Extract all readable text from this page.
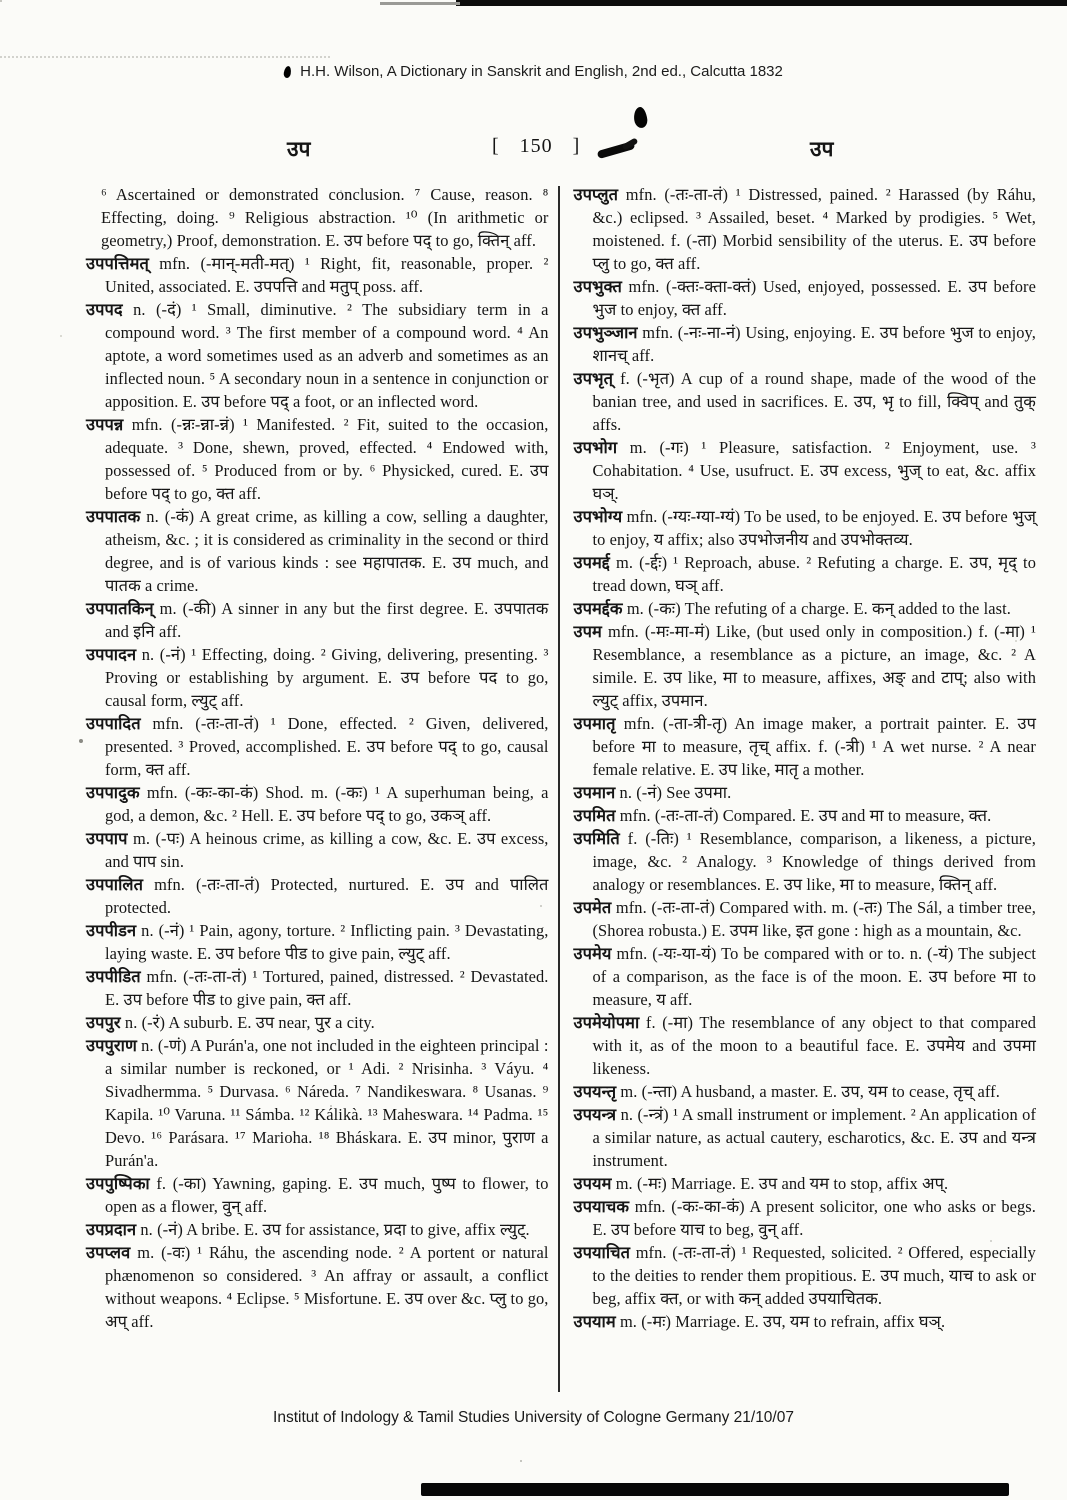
H.H. Wilson, A Dictionary in Sanskrit and English, 2nd ed., Calcutta 1832
उप	[ 150 ]	उप

⁶ Ascertained or demonstrated conclusion. ⁷ Cause, reason. ⁸ Effecting, doing. ⁹ Religious abstraction. ¹⁰ (In arithmetic or geometry,) Proof, demonstration. E. उप before पद् to go, क्तिन् aff.

उपपत्तिमत् mfn. (-मान्-मती-मत्) ¹ Right, fit, reasonable, proper. ² United, associated. E. उपपत्ति and मतुप् poss. aff.

उपपद n. (-दं) ¹ Small, diminutive. ² The subsidiary term in a compound word. ³ The first member of a compound word. ⁴ An aptote, a word sometimes used as an adverb and sometimes as an inflected noun. ⁵ A secondary noun in a sentence in conjunction or apposition. E. उप before पद् a foot, or an inflected word.

उपपन्न mfn. (-न्नः-न्ना-न्नं) ¹ Manifested. ² Fit, suited to the occasion, adequate. ³ Done, shewn, proved, effected. ⁴ Endowed with, possessed of. ⁵ Produced from or by. ⁶ Physicked, cured. E. उप before पद् to go, क्त aff.

उपपातक n. (-कं) A great crime, as killing a cow, selling a daughter, atheism, &c. ; it is considered as criminality in the second or third degree, and is of various kinds : see महापातक. E. उप much, and पातक a crime.

उपपातकिन् m. (-की) A sinner in any but the first degree. E. उपपातक and इनि aff.

उपपादन n. (-नं) ¹ Effecting, doing. ² Giving, delivering, presenting. ³ Proving or establishing by argument. E. उप before पद to go, causal form, ल्युट् aff.

उपपादित mfn. (-तः-ता-तं) ¹ Done, effected. ² Given, delivered, presented. ³ Proved, accomplished. E. उप before पद् to go, causal form, क्त aff.

उपपादुक mfn. (-कः-का-कं) Shod. m. (-कः) ¹ A superhuman being, a god, a demon, &c. ² Hell. E. उप before पद् to go, उकञ् aff.

उपपाप m. (-पः) A heinous crime, as killing a cow, &c. E. उप excess, and पाप sin.

उपपालित mfn. (-तः-ता-तं) Protected, nurtured. E. उप and पालित protected.

उपपीडन n. (-नं) ¹ Pain, agony, torture. ² Inflicting pain. ³ Devastating, laying waste. E. उप before पीड to give pain, ल्युट् aff.

उपपीडित mfn. (-तः-ता-तं) ¹ Tortured, pained, distressed. ² Devastated. E. उप before पीड to give pain, क्त aff.

उपपुर n. (-रं) A suburb. E. उप near, पुर a city.

उपपुराण n. (-णं) A Purán'a, one not included in the eighteen principal : a similar number is reckoned, or ¹ Adi. ² Nrisinha. ³ Váyu. ⁴ Sivadhermma. ⁵ Durvasa. ⁶ Náreda. ⁷ Nandikeswara. ⁸ Usanas. ⁹ Kapila. ¹⁰ Varuna. ¹¹ Sámba. ¹² Kálikà. ¹³ Maheswara. ¹⁴ Padma. ¹⁵ Devo. ¹⁶ Parásara. ¹⁷ Marioha. ¹⁸ Bháskara. E. उप minor, पुराण a Purán'a.

उपपुष्पिका f. (-का) Yawning, gaping. E. उप much, पुष्प to flower, to open as a flower, वुन् aff.

उपप्रदान n. (-नं) A bribe. E. उप for assistance, प्रदा to give, affix ल्युट्.

उपप्लव m. (-वः) ¹ Ráhu, the ascending node. ² A portent or natural phænomenon so considered. ³ An affray or assault, a conflict without weapons. ⁴ Eclipse. ⁵ Misfortune. E. उप over &c. प्लु to go, अप् aff.

उपप्लुत mfn. (-तः-ता-तं) ¹ Distressed, pained. ² Harassed (by Ráhu, &c.) eclipsed. ³ Assailed, beset. ⁴ Marked by prodigies. ⁵ Wet, moistened. f. (-ता) Morbid sensibility of the uterus. E. उप before प्लु to go, क्त aff.

उपभुक्त mfn. (-क्तः-क्ता-क्तं) Used, enjoyed, possessed. E. उप before भुज to enjoy, क्त aff.

उपभुञ्जान mfn. (-नः-ना-नं) Using, enjoying. E. उप before भुज to enjoy, शानच् aff.

उपभृत् f. (-भृत) A cup of a round shape, made of the wood of the banian tree, and used in sacrifices. E. उप, भृ to fill, क्विप् and तुक् affs.

उपभोग m. (-गः) ¹ Pleasure, satisfaction. ² Enjoyment, use. ³ Cohabitation. ⁴ Use, usufruct. E. उप excess, भुज् to eat, &c. affix घञ्.

उपभोग्य mfn. (-ग्यः-ग्या-ग्यं) To be used, to be enjoyed. E. उप before भुज् to enjoy, य affix; also उपभोजनीय and उपभोक्तव्य.

उपमर्द्द m. (-र्द्दः) ¹ Reproach, abuse. ² Refuting a charge. E. उप, मृद् to tread down, घञ् aff.

उपमर्द्दक m. (-कः) The refuting of a charge. E. कन् added to the last.

उपम mfn. (-मः-मा-मं) Like, (but used only in composition.) f. (-मा) ¹ Resemblance, a resemblance as a picture, an image, &c. ² A simile. E. उप like, मा to measure, affixes, अङ् and टाप्; also with ल्युट् affix, उपमान.

उपमातृ mfn. (-ता-त्री-तृ) An image maker, a portrait painter. E. उप before मा to measure, तृच् affix. f. (-त्री) ¹ A wet nurse. ² A near female relative. E. उप like, मातृ a mother.

उपमान n. (-नं) See उपमा.

उपमित mfn. (-तः-ता-तं) Compared. E. उप and मा to measure, क्त.

उपमिति f. (-तिः) ¹ Resemblance, comparison, a likeness, a picture, image, &c. ² Analogy. ³ Knowledge of things derived from analogy or resemblances. E. उप like, मा to measure, क्तिन् aff.

उपमेत mfn. (-तः-ता-तं) Compared with. m. (-तः) The Sál, a timber tree, (Shorea robusta.) E. उपम like, इत gone : high as a mountain, &c.

उपमेय mfn. (-यः-या-यं) To be compared with or to. n. (-यं) The subject of a comparison, as the face is of the moon. E. उप before मा to measure, य aff.

उपमेयोपमा f. (-मा) The resemblance of any object to that compared with it, as of the moon to a beautiful face. E. उपमेय and उपमा likeness.

उपयन्तृ m. (-न्ता) A husband, a master. E. उप, यम to cease, तृच् aff.

उपयन्त्र n. (-न्त्रं) ¹ A small instrument or implement. ² An application of a similar nature, as actual cautery, escharotics, &c. E. उप and यन्त्र instrument.

उपयम m. (-मः) Marriage. E. उप and यम to stop, affix अप्.

उपयाचक mfn. (-कः-का-कं) A present solicitor, one who asks or begs. E. उप before याच to beg, वुन् aff.

उपयाचित mfn. (-तः-ता-तं) ¹ Requested, solicited. ² Offered, especially to the deities to render them propitious. E. उप much, याच to ask or beg, affix क्त, or with कन् added उपयाचितक.

उपयाम m. (-मः) Marriage. E. उप, यम to refrain, affix घञ्.

Institut of Indology & Tamil Studies University of Cologne Germany 21/10/07
